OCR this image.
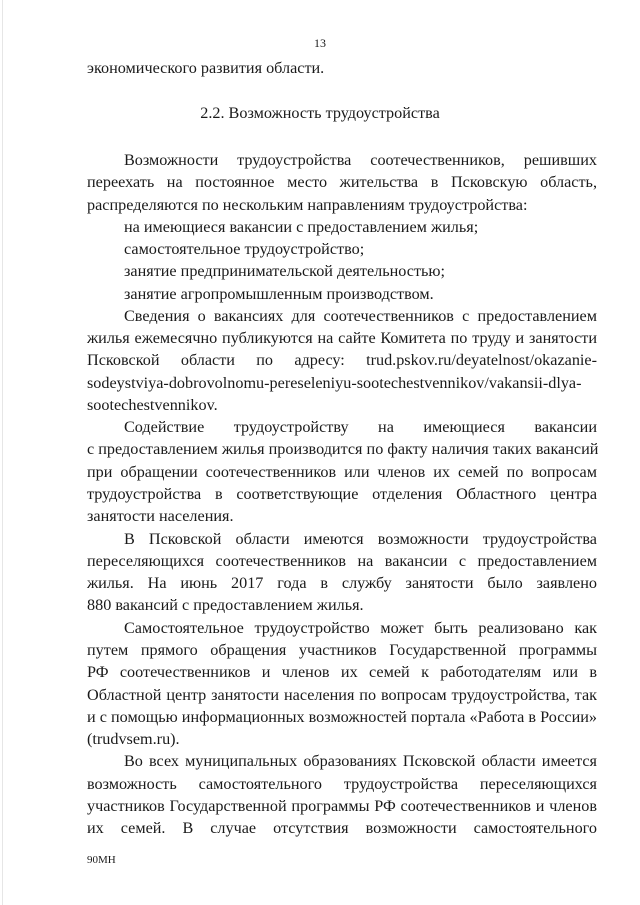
13
экономического развития области.
2.2. Возможность трудоустройства
Возможности трудоустройства соотечественников, решивших
переехать на постоянное место жительства в Псковскую область,
распределяются по нескольким направлениям трудоустройства:
на имеющиеся вакансии с предоставлением жилья;
самостоятельное трудоустройство;
занятие предпринимательской деятельностью;
занятие агропромышленным производством.
Сведения о вакансиях для соотечественников с предоставлением
жилья ежемесячно публикуются на сайте Комитета по труду и занятости
Псковской области по адресу: trud.pskov.ru/deyatelnost/okazanie-
sodeystviya-dobrovolnomu-pereseleniyu-sootechestvennikov/vakansii-dlya-
sootechestvennikov.
Содействие трудоустройству на имеющиеся вакансии
с предоставлением жилья производится по факту наличия таких вакансий
при обращении соотечественников или членов их семей по вопросам
трудоустройства в соответствующие отделения Областного центра
занятости населения.
В Псковской области имеются возможности трудоустройства
переселяющихся соотечественников на вакансии с предоставлением
жилья. На июнь 2017 года в службу занятости было заявлено
880 вакансий с предоставлением жилья.
Самостоятельное трудоустройство может быть реализовано как
путем прямого обращения участников Государственной программы
РФ соотечественников и членов их семей к работодателям или в
Областной центр занятости населения по вопросам трудоустройства, так
и с помощью информационных возможностей портала «Работа в России»
(trudvsem.ru).
Во всех муниципальных образованиях Псковской области имеется
возможность самостоятельного трудоустройства переселяющихся
участников Государственной программы РФ соотечественников и членов
их семей. В случае отсутствия возможности самостоятельного
90МН
